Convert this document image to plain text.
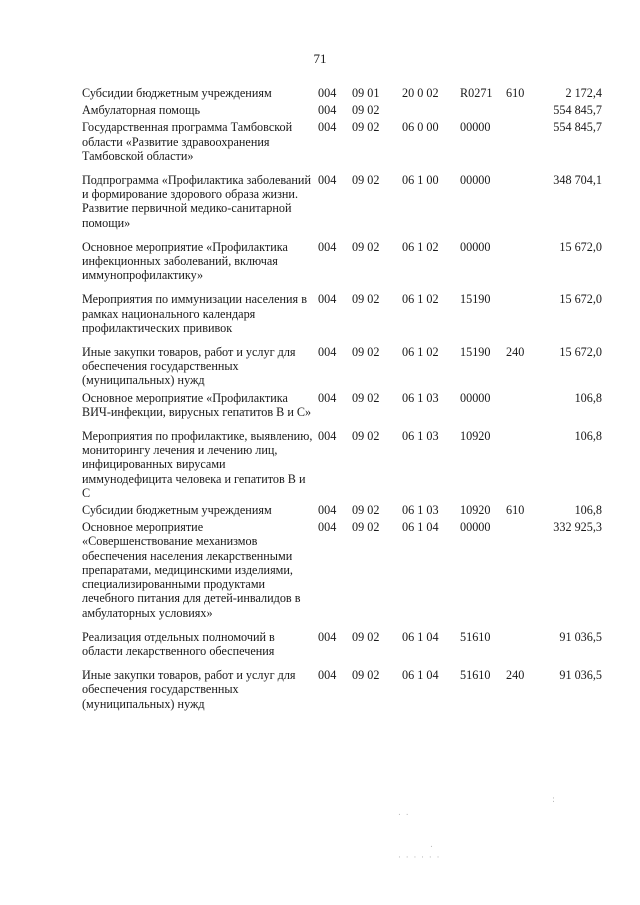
71
Субсидии бюджетным учреждениям	004	09 01	20 0 02	R0271	610	2 172,4
Амбулаторная помощь	004	09 02				554 845,7
Государственная программа Тамбовской области «Развитие здравоохранения Тамбовской области»	004	09 02	06 0 00	00000		554 845,7
Подпрограмма «Профилактика заболеваний и формирование здорового образа жизни. Развитие первичной медико-санитарной помощи»	004	09 02	06 1 00	00000		348 704,1
Основное мероприятие «Профилактика инфекционных заболеваний, включая иммунопрофилактику»	004	09 02	06 1 02	00000		15 672,0
Мероприятия по иммунизации населения в рамках национального календаря профилактических прививок	004	09 02	06 1 02	15190		15 672,0
Иные закупки товаров, работ и услуг для обеспечения государственных (муниципальных) нужд	004	09 02	06 1 02	15190	240	15 672,0
Основное мероприятие «Профилактика ВИЧ-инфекции, вирусных гепатитов В и С»	004	09 02	06 1 03	00000		106,8
Мероприятия по профилактике, выявлению, мониторингу лечения и лечению лиц, инфицированных вирусами иммунодефицита человека и гепатитов В и С	004	09 02	06 1 03	10920		106,8
Субсидии бюджетным учреждениям	004	09 02	06 1 03	10920	610	106,8
Основное мероприятие «Совершенствование механизмов обеспечения населения лекарственными препаратами, медицинскими изделиями, специализированными продуктами лечебного питания для детей-инвалидов в амбулаторных условиях»	004	09 02	06 1 04	00000		332 925,3
Реализация отдельных полномочий в области лекарственного обеспечения	004	09 02	06 1 04	51610		91 036,5
Иные закупки товаров, работ и услуг для обеспечения государственных (муниципальных) нужд	004	09 02	06 1 04	51610	240	91 036,5
. .
.
· · · · · ·
:
